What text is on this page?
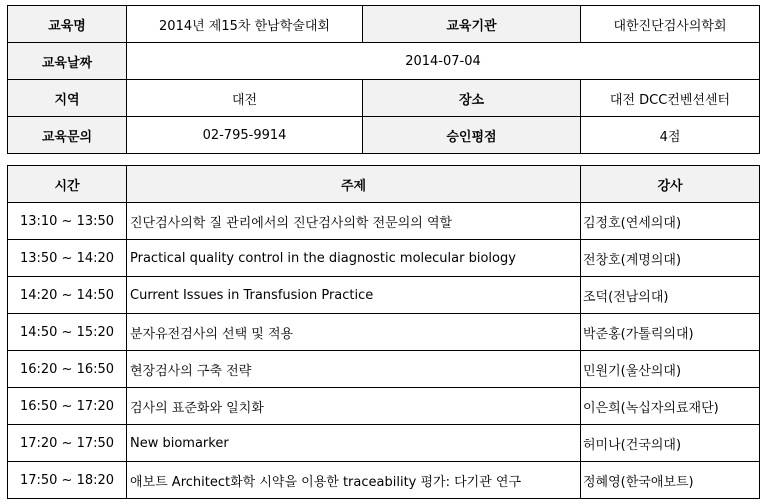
교육명	2014년 제15차 한남학술대회	교육기관	대한진단검사의학회
교육날짜	2014-07-04		
지역	대전	장소	대전 DCC컨벤션센터
교육문의	02-795-9914	승인평점	4점
시간	주제	강사
13:10 ~ 13:50	진단검사의학 질 관리에서의 진단검사의학 전문의의 역할	김정호(연세의대)
13:50 ~ 14:20	Practical quality control in the diagnostic molecular biology	전창호(계명의대)
14:20 ~ 14:50	Current Issues in Transfusion Practice	조덕(전남의대)
14:50 ~ 15:20	분자유전검사의 선택 및 적용	박준홍(가톨릭의대)
16:20 ~ 16:50	현장검사의 구축 전략	민원기(울산의대)
16:50 ~ 17:20	검사의 표준화와 일치화	이은희(녹십자의료재단)
17:20 ~ 17:50	New biomarker	허미나(건국의대)
17:50 ~ 18:20	애보트 Architect화학 시약을 이용한 traceability 평가: 다기관 연구	정혜영(한국애보트)
